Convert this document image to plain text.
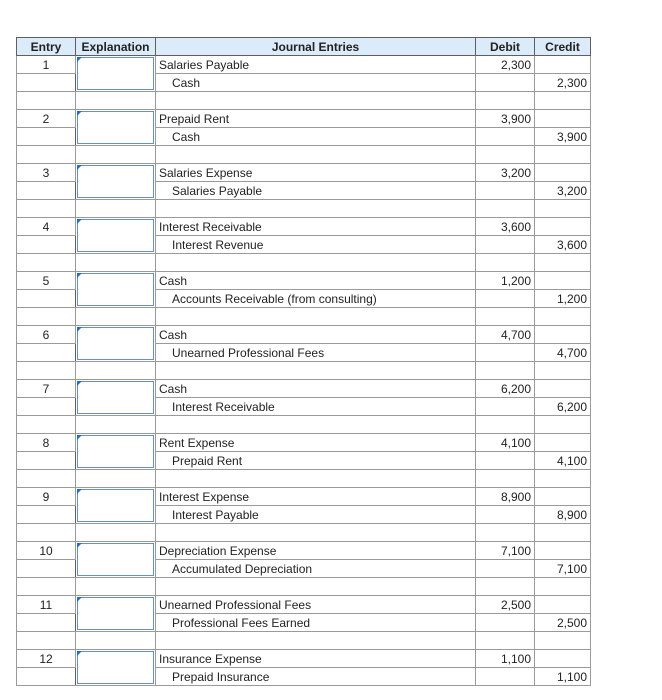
Entry	Explanation	Journal Entries	Debit	Credit
1		Salaries Payable	2,300	
		Cash		2,300

2		Prepaid Rent	3,900	
		Cash		3,900

3		Salaries Expense	3,200	
		Salaries Payable		3,200

4		Interest Receivable	3,600	
		Interest Revenue		3,600

5		Cash	1,200	
		Accounts Receivable (from consulting)		1,200

6		Cash	4,700	
		Unearned Professional Fees		4,700

7		Cash	6,200	
		Interest Receivable		6,200

8		Rent Expense	4,100	
		Prepaid Rent		4,100

9		Interest Expense	8,900	
		Interest Payable		8,900

10		Depreciation Expense	7,100	
		Accumulated Depreciation		7,100

11		Unearned Professional Fees	2,500	
		Professional Fees Earned		2,500

12		Insurance Expense	1,100	
		Prepaid Insurance		1,100
